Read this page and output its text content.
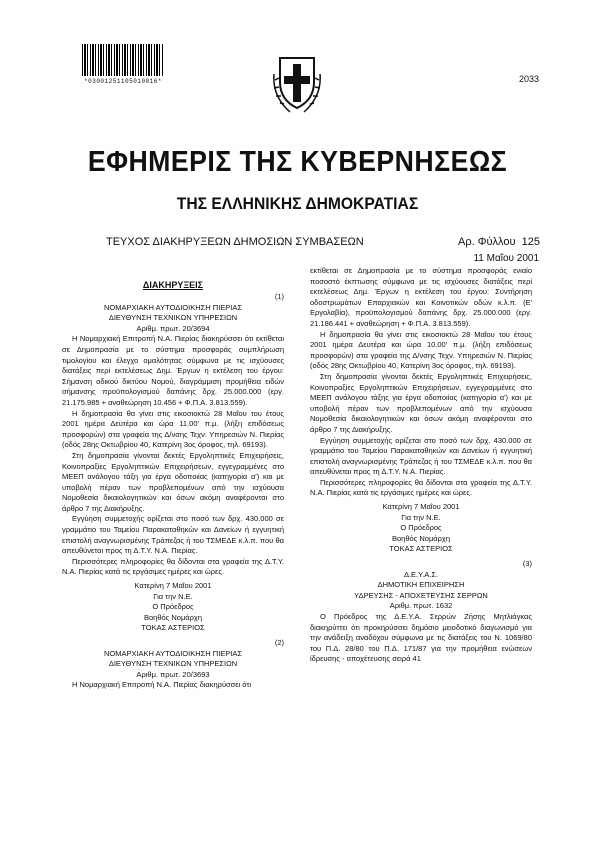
*03001251105010016*	2033
ΕΦΗΜΕΡΙΣ ΤΗΣ ΚΥΒΕΡΝΗΣΕΩΣ
ΤΗΣ ΕΛΛΗΝΙΚΗΣ ΔΗΜΟΚΡΑΤΙΑΣ
ΤΕΥΧΟΣ ΔΙΑΚΗΡΥΞΕΩΝ ΔΗΜΟΣΙΩΝ ΣΥΜΒΑΣΕΩΝ	Αρ. Φύλλου 125
11 Μαΐου 2001

ΔΙΑΚΗΡΥΞΕΙΣ

(1)

ΝΟΜΑΡΧΙΑΚΗ ΑΥΤΟΔΙΟΙΚΗΣΗ ΠΙΕΡΙΑΣ

ΔΙΕΥΘΥΝΣΗ ΤΕΧΝΙΚΩΝ ΥΠΗΡΕΣΙΩΝ

Αριθμ. πρωτ. 20/3694

Η Νομαρχιακή Επιτροπή Ν.Α. Πιερίας διακηρύσσει ότι εκτίθεται σε Δημοπρασία με το σύστημα προσφοράς συμπλήρωση τιμολογίου και έλεγχο ομαλότητας σύμφωνα με τις ισχύουσες διατάξεις περί εκτελέσεως Δημ. Έργων η εκτέλεση του έργου: Σήμανση οδικού δικτύου Νομού, διαγράμμιση προμήθεια ειδών σήμανσης προϋπολογισμού δαπάνης δρχ. 25.000.000 (εργ. 21.175.985 + αναθεώρηση 10.456 + Φ.Π.Α. 3.813.559).

Η δημοπρασία θα γίνει στις εικοσιοκτώ 28 Μαΐου του έτους 2001 ημέρα Δευτέρα και ώρα 11.00' π.μ. (λήξη επιδόσεως προσφορών) στα γραφεία της Δ/νσης Τεχν. Υπηρεσιών Ν. Πιερίας (οδός 28ης Οκτωβρίου 40, Κατερίνη 3ος όροφος, τηλ. 69193).

Στη δημοπρασία γίνονται δεκτές Εργοληπτικές Επιχειρήσεις, Κοινοπραξίες Εργοληπτικών Επιχειρήσεων, εγγεγραμμένες στο ΜΕΕΠ ανάλογου τάξη για έργα οδοποιίας (κατηγορία α') και με υποβολή πέραν των προβλεπομένων από την ισχύουσα Νομοθεσία δικαιολογητικών και όσων ακόμη αναφέρονται στο άρθρο 7 της Διακήρυξης.

Εγγύηση συμμετοχής ορίζεται στο ποσό των δρχ. 430.000 σε γραμμάτιο του Ταμείου Παρακαταθηκών και Δανείων ή εγγυητική επιστολή αναγνωρισμένης Τράπεζας ή του ΤΣΜΕΔΕ κ.λ.π. που θα απευθύνεται προς τη Δ.Τ.Υ. Ν.Α. Πιερίας.

Περισσότερες πληροφορίες θα δίδονται στα γραφεία της Δ.Τ.Υ. Ν.Α. Πιερίας κατά τις εργάσιμες ημέρες και ώρες.

Κατερίνη 7 Μαΐου 2001

Για την Ν.Ε.

Ο Πρόεδρος

Βοηθός Νομάρχη

ΤΟΚΑΣ ΑΣΤΕΡΙΟΣ

(2)

ΝΟΜΑΡΧΙΑΚΗ ΑΥΤΟΔΙΟΙΚΗΣΗ ΠΙΕΡΙΑΣ

ΔΙΕΥΘΥΝΣΗ ΤΕΧΝΙΚΩΝ ΥΠΗΡΕΣΙΩΝ

Αριθμ. πρωτ. 20/3693

Η Νομαρχιακή Επιτροπή Ν.Α. Πιερίας διακηρύσσει ότι

εκτίθεται σε Δημοπρασία με το σύστημα προσφοράς ενιαίο ποσοστό έκπτωσης σύμφωνα με τις ισχύουσες διατάξεις περί εκτελέσεως Δημ. Έργων η εκτέλεση του έργου: Συντήρηση οδοστρωμάτων Επαρχιακών και Κοινοτικών οδών κ.λ.π. (Ε' Εργολαβία), προϋπολογισμού δαπάνης δρχ. 25.000.000 (εργ. 21.186.441 + αναθεώρηση + Φ.Π.Α. 3.813.559).

Η δημοπρασία θα γίνει στις εικοσιοκτώ 28 Μαΐου του έτους 2001 ημέρα Δευτέρα και ώρα 10.00' π.μ. (λήξη επιδόσεως προσφορών) στα γραφεία της Δ/νσης Τεχν. Υπηρεσιών Ν. Πιερίας (οδός 28ης Οκτωβρίου 40, Κατερίνη 3ος όροφος, τηλ. 69193).

Στη δημοπρασία γίνονται δεκτές Εργοληπτικές Επιχειρήσεις, Κοινοπραξίες Εργοληπτικών Επιχειρήσεων, εγγεγραμμένες στο ΜΕΕΠ ανάλογου τάξης για έργα οδοποιίας (κατηγορία α') και με υποβολή πέραν των προβλεπομένων από την ισχύουσα Νομοθεσία δικαιολογητικών και όσων ακόμη αναφέρονται στο άρθρο 7 της Διακήρυξης.

Εγγύηση συμμετοχής ορίζεται στο ποσό των δρχ. 430.000 σε γραμμάτιο του Ταμείου Παρακαταθηκών και Δανείων ή εγγυητική επιστολή αναγνωρισμένης Τράπεζας ή του ΤΣΜΕΔΕ κ.λ.π. που θα απευθύνεται προς τη Δ.Τ.Υ. Ν.Α. Πιερίας.

Περισσότερες πληροφορίες θα δίδονται στα γραφεία της Δ.Τ.Υ. Ν.Α. Πιερίας κατά τις εργάσιμες ημέρες και ώρες.

Κατερίνη 7 Μαΐου 2001

Για την Ν.Ε.

Ο Πρόεδρος

Βοηθός Νομάρχη

ΤΟΚΑΣ ΑΣΤΕΡΙΟΣ

(3)

Δ.Ε.Υ.Α.Σ.

ΔΗΜΟΤΙΚΗ ΕΠΙΧΕΙΡΗΣΗ

ΥΔΡΕΥΣΗΣ - ΑΠΟΧΕΤΕΥΣΗΣ ΣΕΡΡΩΝ

Αριθμ. πρωτ. 1632

Ο Πρόεδρος της Δ.Ε.Υ.Α. Σερρών Ζήσης Μητλιάγκας διακηρύττει ότι προκηρύσσει δημόσιο μειοδοτικό διαγωνισμό για την ανάδειξη αναδόχου σύμφωνα με τις διατάξεις του Ν. 1069/80 του Π.Δ. 28/80 του Π.Δ. 171/87 για την προμήθεια ενώσεων ίδρευσης - αποχέτευσης σειρά 41
